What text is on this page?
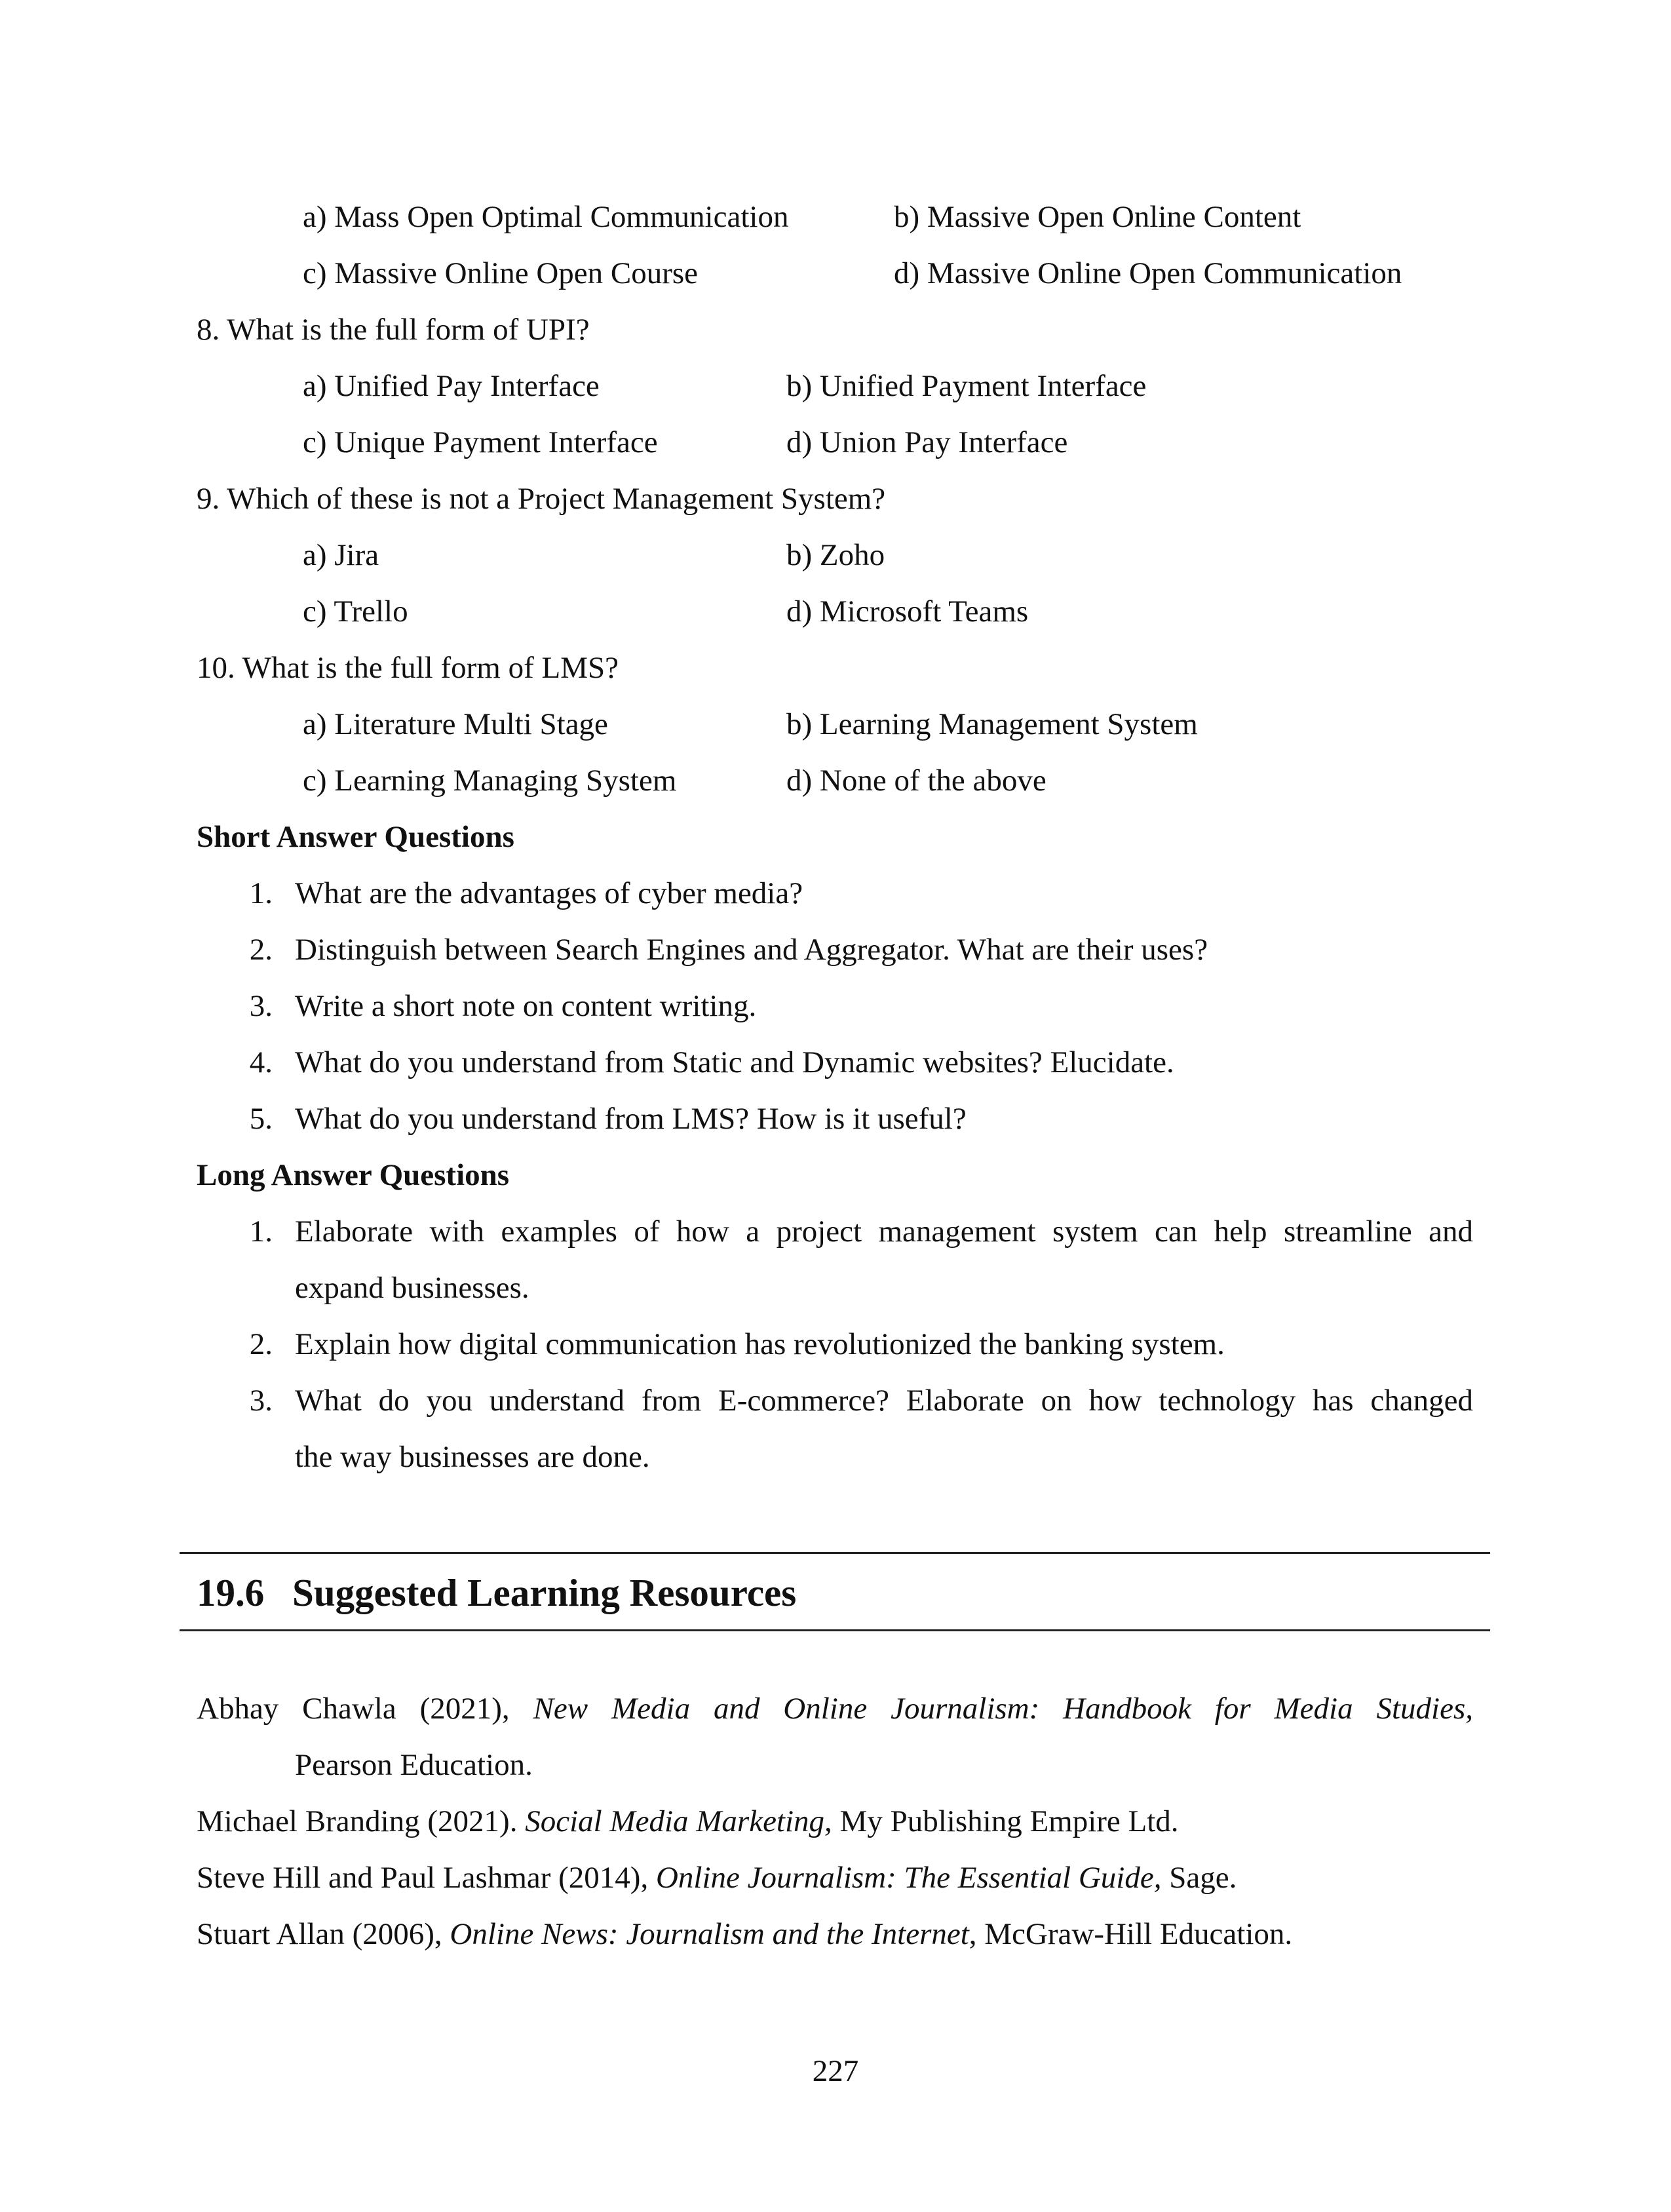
a) Mass Open Optimal Communication	b) Massive Open Online Content
c) Massive Online Open Course	d) Massive Online Open Communication
8. What is the full form of UPI?
a) Unified Pay Interface	b) Unified Payment Interface
c) Unique Payment Interface	d) Union Pay Interface
9. Which of these is not a Project Management System?
a) Jira	b) Zoho
c) Trello	d) Microsoft Teams
10. What is the full form of LMS?
a) Literature Multi Stage	b) Learning Management System
c) Learning Managing System	d) None of the above
Short Answer Questions
1. What are the advantages of cyber media?
2. Distinguish between Search Engines and Aggregator. What are their uses?
3. Write a short note on content writing.
4. What do you understand from Static and Dynamic websites? Elucidate.
5. What do you understand from LMS? How is it useful?
Long Answer Questions
1. Elaborate with examples of how a project management system can help streamline and
expand businesses.
2. Explain how digital communication has revolutionized the banking system.
3. What do you understand from E-commerce? Elaborate on how technology has changed
the way businesses are done.
19.6 Suggested Learning Resources
Abhay Chawla (2021), New Media and Online Journalism: Handbook for Media Studies,
Pearson Education.
Michael Branding (2021). Social Media Marketing, My Publishing Empire Ltd.
Steve Hill and Paul Lashmar (2014), Online Journalism: The Essential Guide, Sage.
Stuart Allan (2006), Online News: Journalism and the Internet, McGraw-Hill Education.
227
